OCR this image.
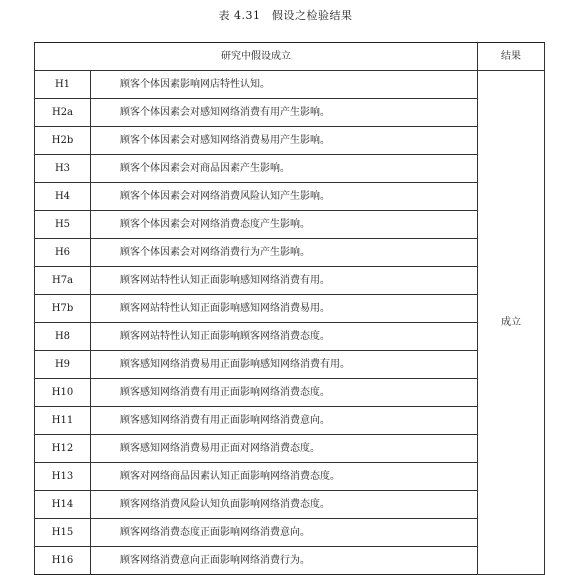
表 4.31　假设之检验结果
研究中假设成立		结果
H1	顾客个体因素影响网店特性认知。	成立
H2a	顾客个体因素会对感知网络消费有用产生影响。	
H2b	顾客个体因素会对感知网络消费易用产生影响。	
H3	顾客个体因素会对商品因素产生影响。	
H4	顾客个体因素会对网络消费风险认知产生影响。	
H5	顾客个体因素会对网络消费态度产生影响。	
H6	顾客个体因素会对网络消费行为产生影响。	
H7a	顾客网站特性认知正面影响感知网络消费有用。	
H7b	顾客网站特性认知正面影响感知网络消费易用。	
H8	顾客网站特性认知正面影响顾客网络消费态度。	
H9	顾客感知网络消费易用正面影响感知网络消费有用。	
H10	顾客感知网络消费有用正面影响网络消费态度。	
H11	顾客感知网络消费有用正面影响网络消费意向。	
H12	顾客感知网络消费易用正面对网络消费态度。	
H13	顾客对网络商品因素认知正面影响网络消费态度。	
H14	顾客网络消费风险认知负面影响网络消费态度。	
H15	顾客网络消费态度正面影响网络消费意向。	
H16	顾客网络消费意向正面影响网络消费行为。	
